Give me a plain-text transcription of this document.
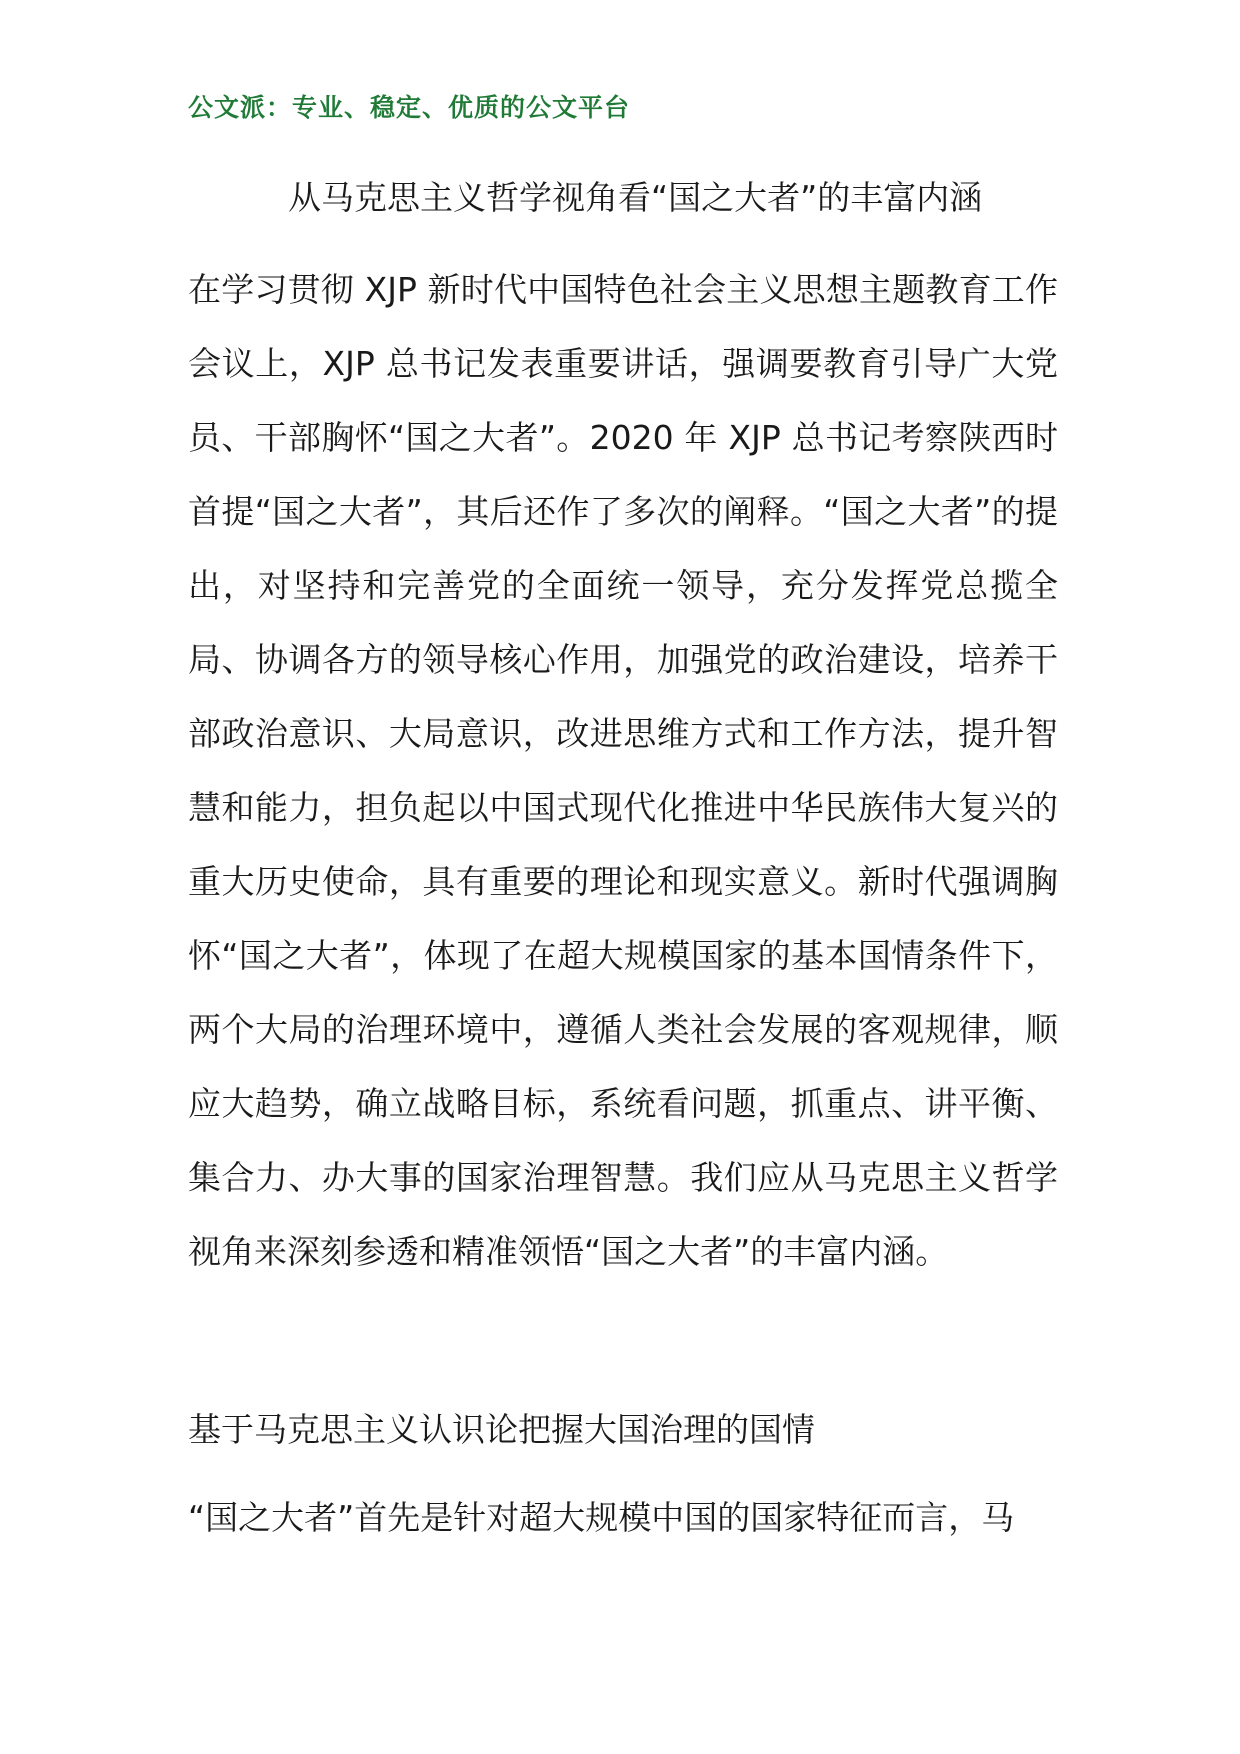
公文派：专业、稳定、优质的公文平台
从马克思主义哲学视角看“国之大者”的丰富内涵

在学习贯彻 XJP 新时代中国特色社会主义思想主题教育工作会议上，XJP 总书记发表重要讲话，强调要教育引导广大党员、干部胸怀“国之大者”。2020 年 XJP 总书记考察陕西时首提“国之大者”，其后还作了多次的阐释。“国之大者”的提出，对坚持和完善党的全面统一领导，充分发挥党总揽全局、协调各方的领导核心作用，加强党的政治建设，培养干部政治意识、大局意识，改进思维方式和工作方法，提升智慧和能力，担负起以中国式现代化推进中华民族伟大复兴的重大历史使命，具有重要的理论和现实意义。新时代强调胸怀“国之大者”，体现了在超大规模国家的基本国情条件下，两个大局的治理环境中，遵循人类社会发展的客观规律，顺应大趋势，确立战略目标，系统看问题，抓重点、讲平衡、集合力、办大事的国家治理智慧。我们应从马克思主义哲学视角来深刻参透和精准领悟“国之大者”的丰富内涵。

基于马克思主义认识论把握大国治理的国情

“国之大者”首先是针对超大规模中国的国家特征而言，马
